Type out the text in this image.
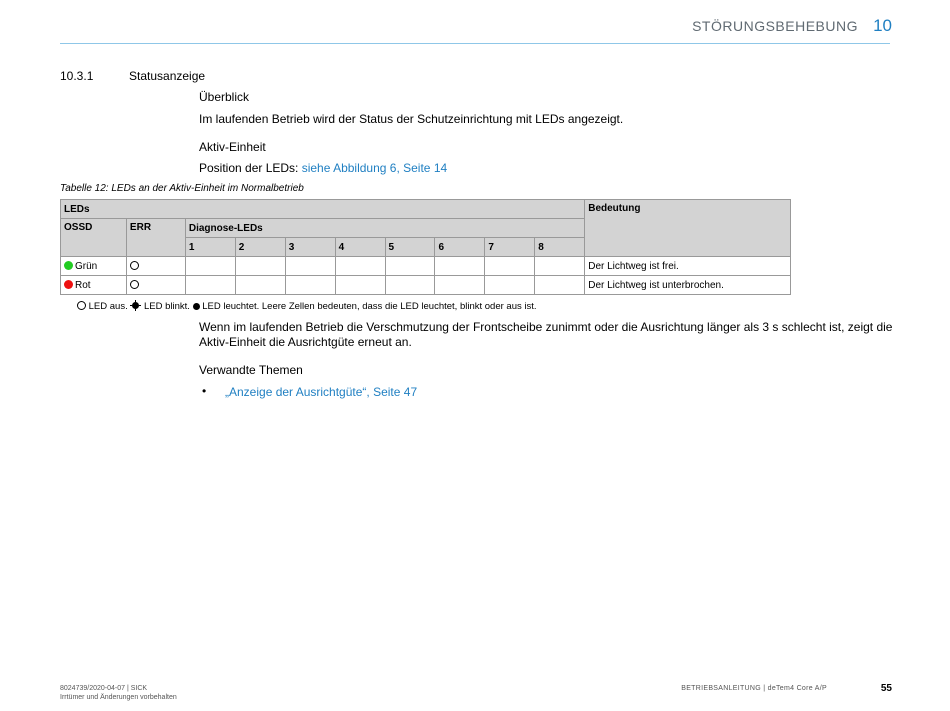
STÖRUNGSBEHEBUNG 10
10.3.1	Statusanzeige
Überblick
Im laufenden Betrieb wird der Status der Schutzeinrichtung mit LEDs angezeigt.
Aktiv-Einheit
Position der LEDs: siehe Abbildung 6, Seite 14
Tabelle 12: LEDs an der Aktiv-Einheit im Normalbetrieb
LEDs										Bedeutung
OSSD	ERR	Diagnose-LEDs								
		1	2	3	4	5	6	7	8	
Grün										Der Lichtweg ist frei.
Rot										Der Lichtweg ist unterbrochen.
LED aus. LED blinkt. LED leuchtet. Leere Zellen bedeuten, dass die LED leuchtet, blinkt oder aus ist.
Wenn im laufenden Betrieb die Verschmutzung der Frontscheibe zunimmt oder die Ausrichtung länger als 3 s schlecht ist, zeigt die
Aktiv-Einheit die Ausrichtgüte erneut an.
Verwandte Themen
• „Anzeige der Ausrichtgüte“, Seite 47
8024739/2020-04-07 | SICK
Irrtümer und Änderungen vorbehalten
BETRIEBSANLEITUNG | deTem4 Core A/P	55
